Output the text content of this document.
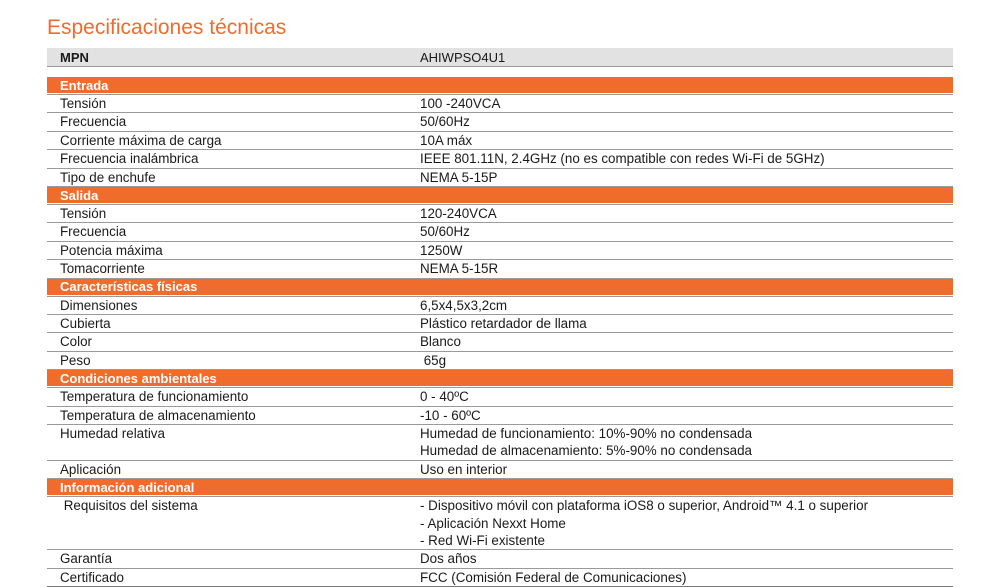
Especificaciones técnicas
MPN	AHIWPSO4U1
Entrada
Tensión	100 -240VCA
Frecuencia	50/60Hz
Corriente máxima de carga	10A máx
Frecuencia inalámbrica	IEEE 801.11N, 2.4GHz (no es compatible con redes Wi-Fi de 5GHz)
Tipo de enchufe	NEMA 5-15P
Salida
Tensión	120-240VCA
Frecuencia	50/60Hz
Potencia máxima	1250W
Tomacorriente	NEMA 5-15R
Características físicas
Dimensiones	6,5x4,5x3,2cm
Cubierta	Plástico retardador de llama
Color	Blanco
Peso	65g
Condiciones ambientales
Temperatura de funcionamiento	0 - 40ºC
Temperatura de almacenamiento	-10 - 60ºC
Humedad relativa	Humedad de funcionamiento: 10%-90% no condensada
Humedad de almacenamiento: 5%-90% no condensada
Aplicación	Uso en interior
Información adicional
Requisitos del sistema	- Dispositivo móvil con plataforma iOS8 o superior, Android™ 4.1 o superior
- Aplicación Nexxt Home
- Red Wi-Fi existente
Garantía	Dos años
Certificado	FCC (Comisión Federal de Comunicaciones)
